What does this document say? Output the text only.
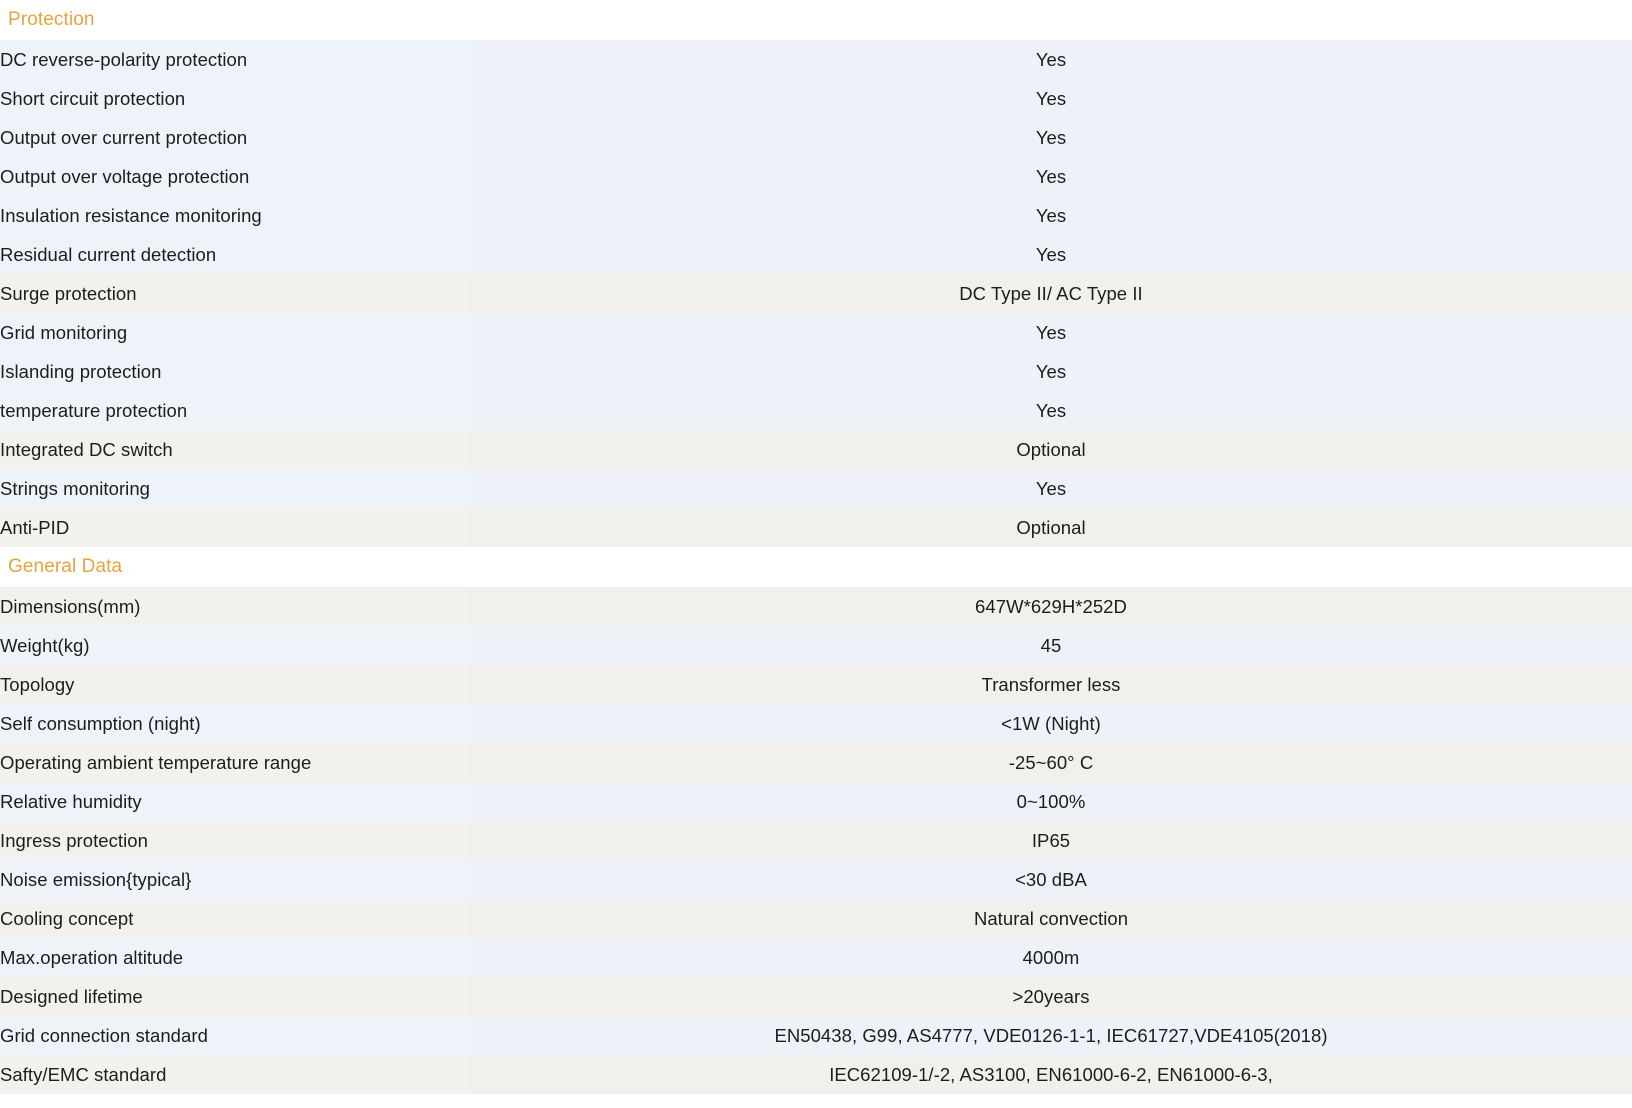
Protection
DC reverse-polarity protection	Yes
Short circuit protection	Yes
Output over current protection	Yes
Output over voltage protection	Yes
Insulation resistance monitoring	Yes
Residual current detection	Yes
Surge protection	DC Type II/ AC Type II
Grid monitoring	Yes
Islanding protection	Yes
temperature protection	Yes
Integrated DC switch	Optional
Strings monitoring	Yes
Anti-PID	Optional
General Data
Dimensions(mm)	647W*629H*252D
Weight(kg)	45
Topology	Transformer less
Self consumption (night)	<1W (Night)
Operating ambient temperature range	-25~60° C
Relative humidity	0~100%
Ingress protection	IP65
Noise emission{typical}	<30 dBA
Cooling concept	Natural convection
Max.operation altitude	4000m
Designed lifetime	>20years
Grid connection standard	EN50438, G99, AS4777, VDE0126-1-1, IEC61727,VDE4105(2018)
Safty/EMC standard	IEC62109-1/-2, AS3100, EN61000-6-2, EN61000-6-3,
